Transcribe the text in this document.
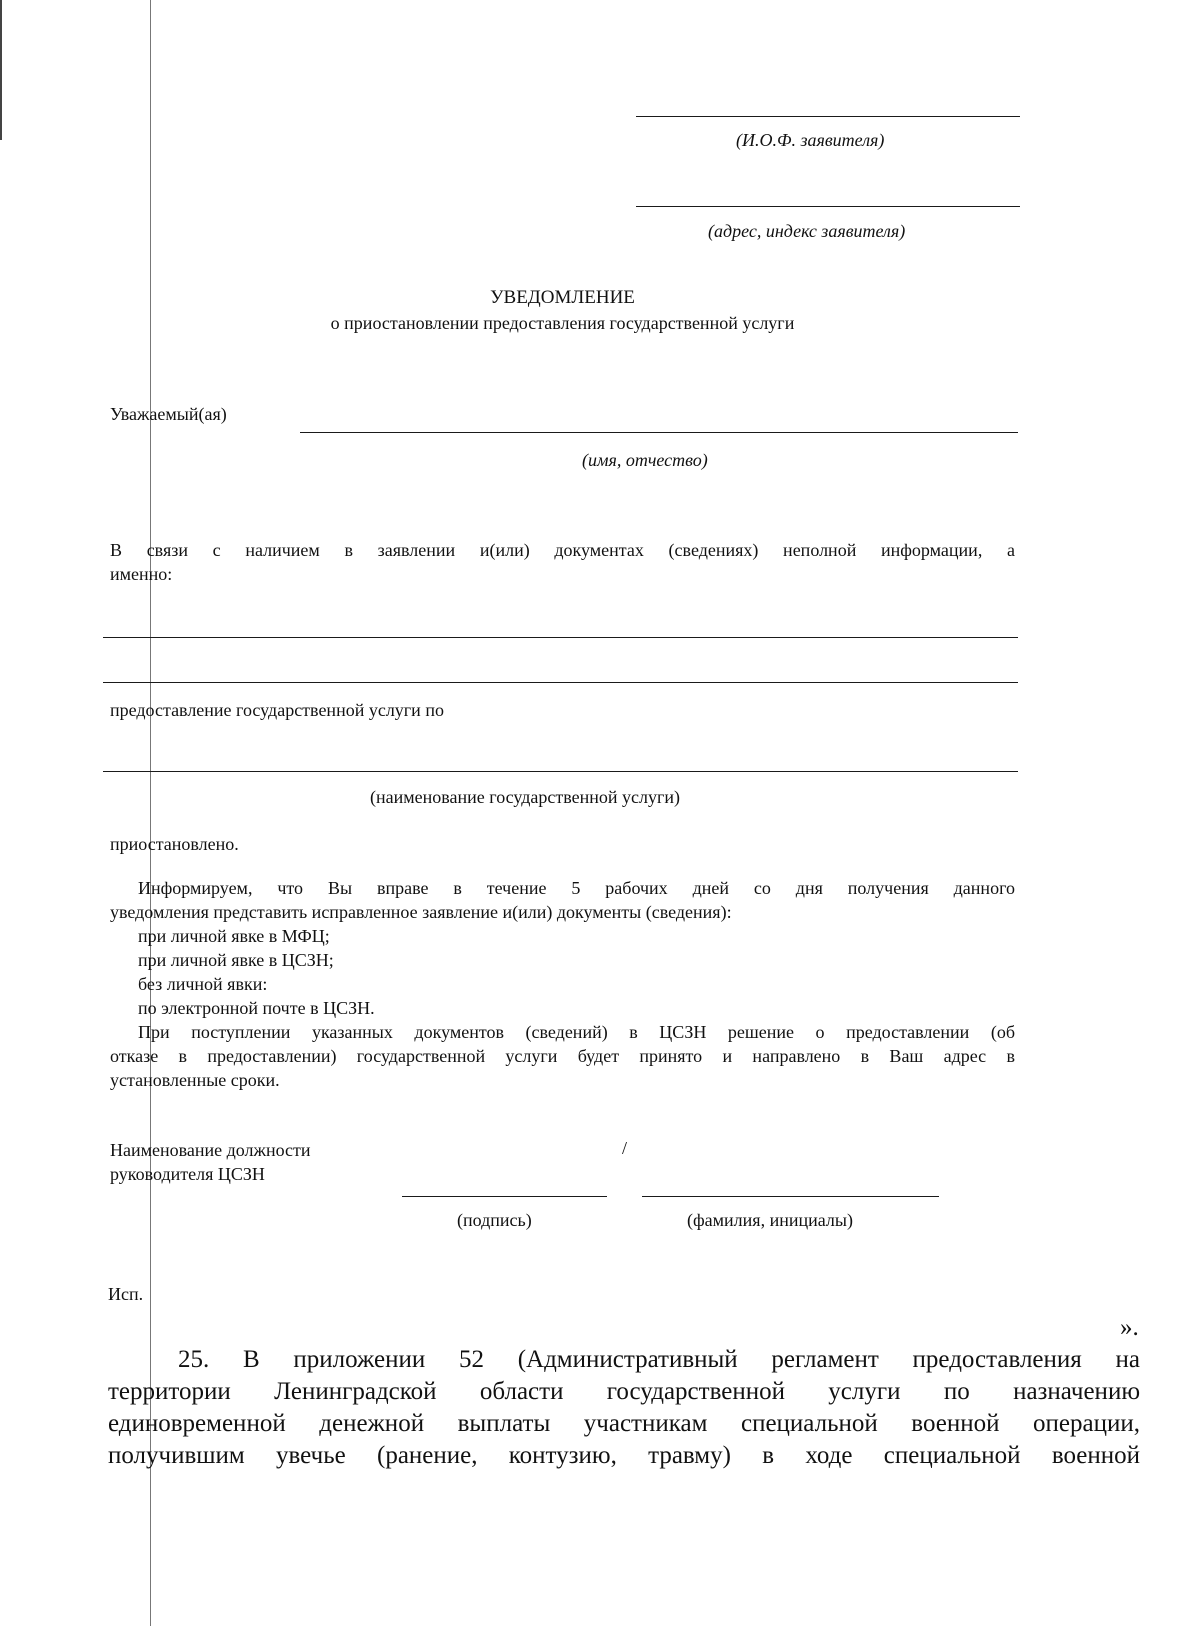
(И.О.Ф. заявителя)
(адрес, индекс заявителя)
УВЕДОМЛЕНИЕ
о приостановлении предоставления государственной услуги
Уважаемый(ая)
(имя, отчество)
В связи с наличием в заявлении и(или) документах (сведениях) неполной информации, а
именно:
предоставление государственной услуги по
(наименование государственной услуги)
приостановлено.
Информируем, что Вы вправе в течение 5 рабочих дней со дня получения данного
уведомления представить исправленное заявление и(или) документы (сведения):
при личной явке в МФЦ;
при личной явке в ЦСЗН;
без личной явки:
по электронной почте в ЦСЗН.
При поступлении указанных документов (сведений) в ЦСЗН решение о предоставлении (об
отказе в предоставлении) государственной услуги будет принято и направлено в Ваш адрес в
установленные сроки.
Наименование должности
руководителя ЦСЗН
/
(подпись)	(фамилия, инициалы)
Исп.
».
25. В приложении 52 (Административный регламент предоставления на
территории Ленинградской области государственной услуги по назначению
единовременной денежной выплаты участникам специальной военной операции,
получившим увечье (ранение, контузию, травму) в ходе специальной военной
